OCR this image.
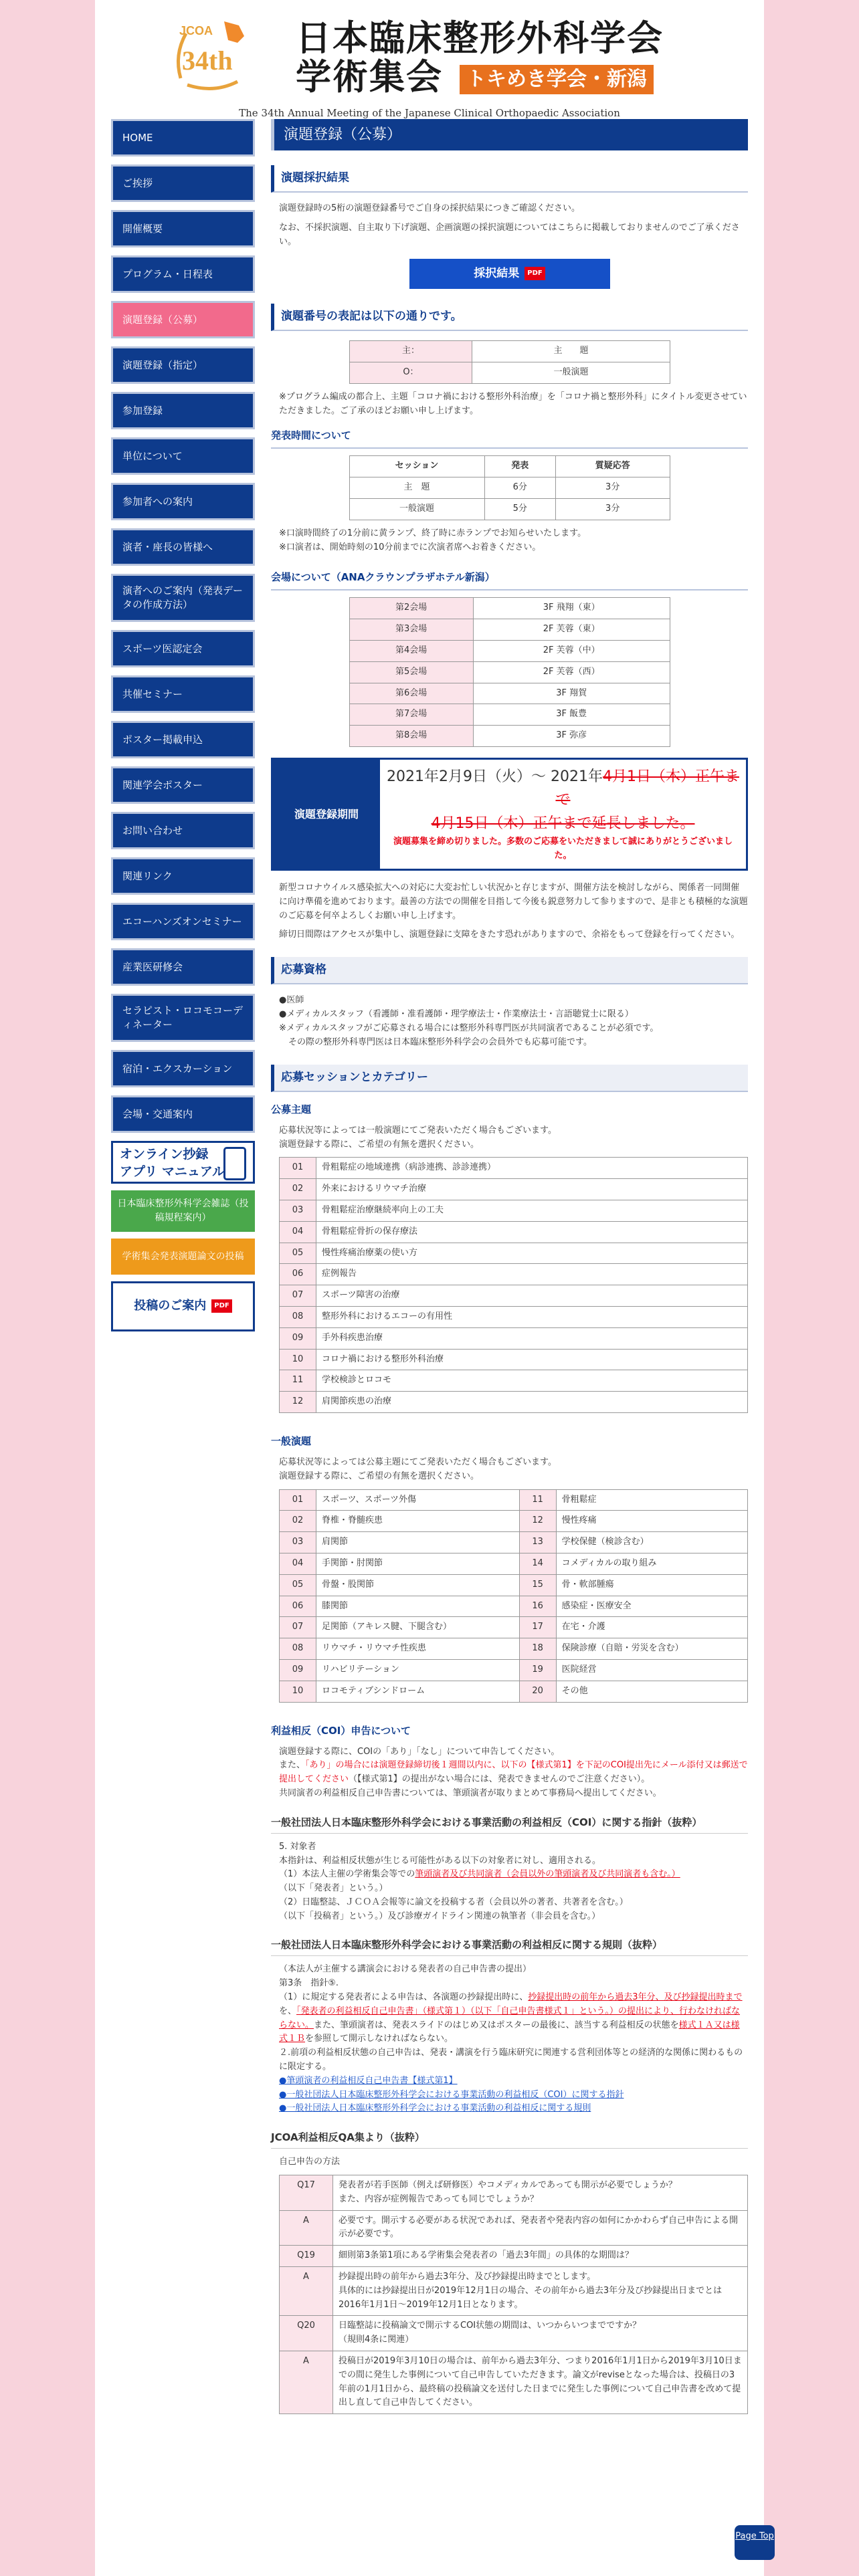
JCOA
34th
日本臨床整形外科学会
学術集会	トキめき学会・新潟
The 34th Annual Meeting of the Japanese Clinical Orthopaedic Association
HOME
ご挨拶
開催概要
プログラム・日程表
演題登録（公募）
演題登録（指定）
参加登録
単位について
参加者への案内
演者・座長の皆様へ
演者へのご案内（発表データの作成方法）
スポーツ医認定会
共催セミナー
ポスター掲載申込
関連学会ポスター
お問い合わせ
関連リンク
エコーハンズオンセミナー
産業医研修会
セラピスト・ロコモコーディネーター
宿泊・エクスカーション
会場・交通案内
オンライン抄録
アプリ マニュアル
日本臨床整形外科学会雑誌（投稿規程案内）
学術集会発表演題論文の投稿
投稿のご案内 PDF
演題登録（公募）
演題採択結果

演題登録時の5桁の演題登録番号でご自身の採択結果につきご確認ください。

なお、不採択演題、自主取り下げ演題、企画演題の採択演題についてはこちらに掲載しておりませんのでご了承ください。

採択結果 PDF
演題番号の表記は以下の通りです。
主：	主　　題
O：	一般演題

※プログラム編成の都合上、主題「コロナ禍における整形外科治療」を「コロナ禍と整形外科」にタイトル変更させていただきました。ご了承のほどお願い申し上げます。

発表時間について
セッション	発表	質疑応答
主　題	6分	3分
一般演題	5分	3分

※口演時間終了の1分前に黄ランプ、終了時に赤ランプでお知らせいたします。

※口演者は、開始時刻の10分前までに次演者席へお着きください。

会場について（ANAクラウンプラザホテル新潟）
第2会場	3F 飛翔（東）
第3会場	2F 芙蓉（東）
第4会場	2F 芙蓉（中）
第5会場	2F 芙蓉（西）
第6会場	3F 翔賀
第7会場	3F 飯豊
第8会場	3F 弥彦
演題登録期間
2021年2月9日（火）～ 2021年4月1日（木）正午まで
4月15日（木）正午まで延長しました。
演題募集を締め切りました。多数のご応募をいただきまして誠にありがとうございました。

新型コロナウイルス感染拡大への対応に大変お忙しい状況かと存じますが、開催方法を検討しながら、関係者一同開催に向け準備を進めております。最善の方法での開催を目指して今後も鋭意努力して参りますので、是非とも積極的な演題のご応募を何卒よろしくお願い申し上げます。

締切日間際はアクセスが集中し、演題登録に支障をきたす恐れがありますので、余裕をもって登録を行ってください。

応募資格
●医師
●メディカルスタッフ（看護師・准看護師・理学療法士・作業療法士・言語聴覚士に限る）
※メディカルスタッフがご応募される場合には整形外科専門医が共同演者であることが必須です。
その際の整形外科専門医は日本臨床整形外科学会の会員外でも応募可能です。
応募セッションとカテゴリー
公募主題

応募状況等によっては一般演題にてご発表いただく場合もございます。

演題登録する際に、ご希望の有無を選択ください。

01	骨粗鬆症の地域連携（病診連携、診診連携）
02	外来におけるリウマチ治療
03	骨粗鬆症治療継続率向上の工夫
04	骨粗鬆症骨折の保存療法
05	慢性疼痛治療薬の使い方
06	症例報告
07	スポーツ障害の治療
08	整形外科におけるエコーの有用性
09	手外科疾患治療
10	コロナ禍における整形外科治療
11	学校検診とロコモ
12	肩関節疾患の治療
一般演題

応募状況等によっては公募主題にてご発表いただく場合もございます。

演題登録する際に、ご希望の有無を選択ください。

01	スポーツ、スポーツ外傷	11	骨粗鬆症
02	脊椎・脊髄疾患	12	慢性疼痛
03	肩関節	13	学校保健（検診含む）
04	手関節・肘関節	14	コメディカルの取り組み
05	骨盤・股関節	15	骨・軟部腫瘍
06	膝関節	16	感染症・医療安全
07	足関節（アキレス腱、下腿含む）	17	在宅・介護
08	リウマチ・リウマチ性疾患	18	保険診療（自賠・労災を含む）
09	リハビリテーション	19	医院経営
10	ロコモティブシンドローム	20	その他
利益相反（COI）申告について

演題登録する際に、COIの「あり」「なし」について申告してください。

また、「あり」の場合には演題登録締切後１週間以内に、以下の【様式第1】を下記のCOI提出先にメール添付又は郵送で提出してください（【様式第1】の提出がない場合には、発表できませんのでご注意ください）。

共同演者の利益相反自己申告書については、筆頭演者が取りまとめて事務局へ提出してください。

一般社団法人日本臨床整形外科学会における事業活動の利益相反（COI）に関する指針（抜粋）
5. 対象者
本指針は、利益相反状態が生じる可能性がある以下の対象者に対し、適用される。
（1）本法人主催の学術集会等での筆頭演者及び共同演者（会員以外の筆頭演者及び共同演者も含む。）
（以下「発表者」という。）
（2）日臨整誌、ＪＣＯＡ会報等に論文を投稿する者（会員以外の著者、共著者を含む。）
（以下「投稿者」という。）及び診療ガイドライン関連の執筆者（非会員を含む。）
一般社団法人日本臨床整形外科学会における事業活動の利益相反に関する規則（抜粋）
（本法人が主催する講演会における発表者の自己申告書の提出）
第3条　指針⑤.
（1）に規定する発表者による申告は、各演題の抄録提出時に、抄録提出時の前年から過去3年分、及び抄録提出時までを、「発表者の利益相反自己申告書」（様式第１）（以下「自己申告書様式１」という。）の提出により、行わなければならない。また、筆頭演者は、発表スライドのはじめ又はポスターの最後に、該当する利益相反の状態を様式１Ａ又は様式１Ｂを参照して開示しなければならない。
２.前項の利益相反状態の自己申告は、発表・講演を行う臨床研究に関連する営利団体等との経済的な関係に関わるものに限定する。
●筆頭演者の利益相反自己申告書【様式第1】
●一般社団法人日本臨床整形外科学会における事業活動の利益相反（COI）に関する指針
●一般社団法人日本臨床整形外科学会における事業活動の利益相反に関する規則
JCOA利益相反QA集より（抜粋）

自己申告の方法

Q17	発表者が若手医師（例えば研修医）やコメディカルであっても開示が必要でしょうか？
また、内容が症例報告であっても同じでしょうか？
A	必要です。開示する必要がある状況であれば、発表者や発表内容の如何にかかわらず自己申告による開示が必要です。
Q19	細則第3条第1項にある学術集会発表者の「過去3年間」の具体的な期間は？
A	抄録提出時の前年から過去3年分、及び抄録提出時までとします。
具体的には抄録提出日が2019年12月1日の場合、その前年から過去3年分及び抄録提出日までとは2016年1月1日～2019年12月1日となります。
Q20	日臨整誌に投稿論文で開示するCOI状態の期間は、いつからいつまでですか？
（規則4条に関連）
A	投稿日が2019年3月10日の場合は、前年から過去3年分、つまり2016年1月1日から2019年3月10日までの間に発生した事例について自己申告していただきます。論文がreviseとなった場合は、投稿日の3年前の1月1日から、最終稿の投稿論文を送付した日までに発生した事例について自己申告書を改めて提出し直して自己申告してください。
Page Top
